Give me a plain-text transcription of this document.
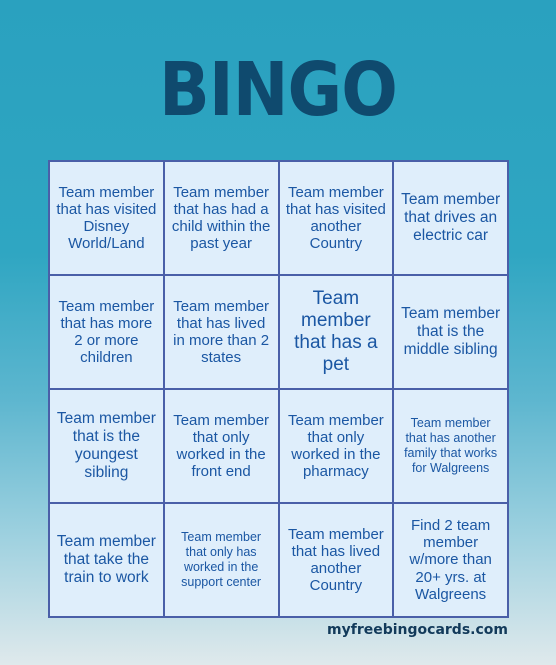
BINGO
Team member that has visited Disney World/Land
Team member that has had a child within the past year
Team member that has visited another Country
Team member that drives an electric car
Team member that has more 2 or more children
Team member that has lived in more than 2 states
Team member that has a pet
Team member that is the middle sibling
Team member that is the youngest sibling
Team member that only worked in the front end
Team member that only worked in the pharmacy
Team member that has another family that works for Walgreens
Team member that take the train to work
Team member that only has worked in the support center
Team member that has lived another Country
Find 2 team member w/more than 20+ yrs. at Walgreens
myfreebingocards.com
